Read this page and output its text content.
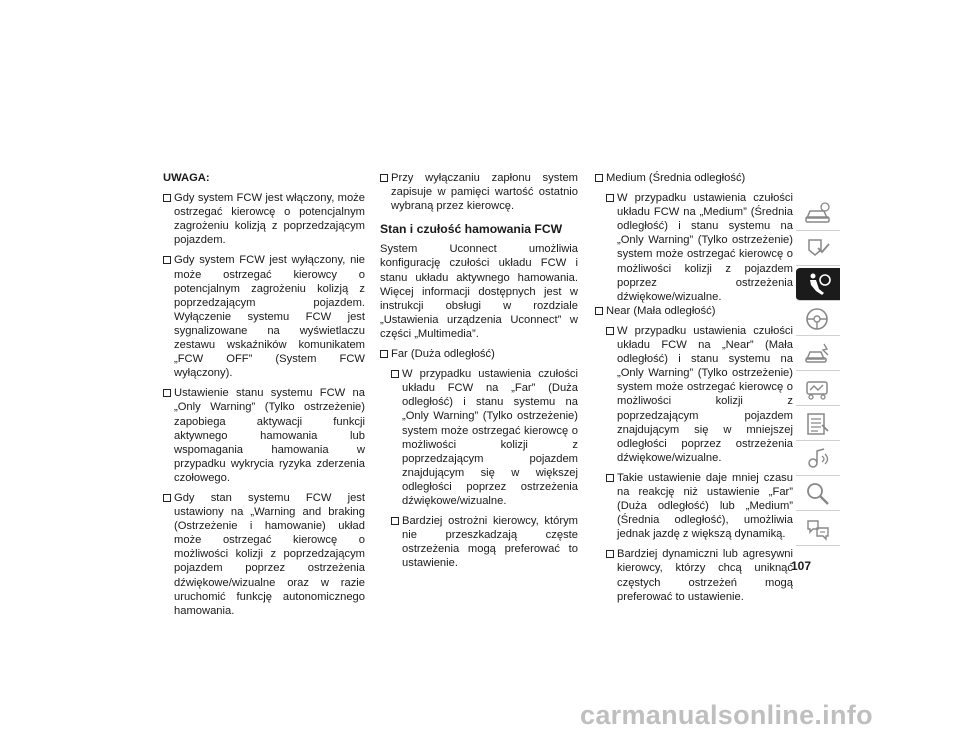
UWAGA:
Gdy system FCW jest włączony, może ostrzegać kierowcę o potencjalnym zagrożeniu kolizją z poprzedzającym pojazdem.
Gdy system FCW jest wyłączony, nie może ostrzegać kierowcy o potencjalnym zagrożeniu kolizją z poprzedzającym pojazdem. Wyłączenie systemu FCW jest sygnalizowane na wyświetlaczu zestawu wskaźników komunikatem „FCW OFF” (System FCW wyłączony).
Ustawienie stanu systemu FCW na „Only Warning” (Tylko ostrzeżenie) zapobiega aktywacji funkcji aktywnego hamowania lub wspomagania hamowania w przypadku wykrycia ryzyka zderzenia czołowego.
Gdy stan systemu FCW jest ustawiony na „Warning and braking (Ostrzeżenie i hamowanie) układ może ostrzegać kierowcę o możliwości kolizji z poprzedzającym pojazdem poprzez ostrzeżenia dźwiękowe/wizualne oraz w razie uruchomić funkcję autonomicznego hamowania.
Przy wyłączaniu zapłonu system zapisuje w pamięci wartość ostatnio wybraną przez kierowcę.
Stan i czułość hamowania FCW
System Uconnect umożliwia konfigurację czułości układu FCW i stanu układu aktywnego hamowania. Więcej informacji dostępnych jest w instrukcji obsługi w rozdziale „Ustawienia urządzenia Uconnect” w części „Multimedia”.
Far (Duża odległość)
W przypadku ustawienia czułości układu FCW na „Far” (Duża odległość) i stanu systemu na „Only Warning” (Tylko ostrzeżenie) system może ostrzegać kierowcę o możliwości kolizji z poprzedzającym pojazdem znajdującym się w większej odległości poprzez ostrzeżenia dźwiękowe/wizualne.
Bardziej ostrożni kierowcy, którym nie przeszkadzają częste ostrzeżenia mogą preferować to ustawienie.
Medium (Średnia odległość)
W przypadku ustawienia czułości układu FCW na „Medium” (Średnia odległość) i stanu systemu na „Only Warning” (Tylko ostrzeżenie) system może ostrzegać kierowcę o możliwości kolizji z pojazdem poprzez ostrzeżenia dźwiękowe/wizualne.
Near (Mała odległość)
W przypadku ustawienia czułości układu FCW na „Near” (Mała odległość) i stanu systemu na „Only Warning” (Tylko ostrzeżenie) system może ostrzegać kierowcę o możliwości kolizji z poprzedzającym pojazdem znajdującym się w mniejszej odległości poprzez ostrzeżenia dźwiękowe/wizualne.
Takie ustawienie daje mniej czasu na reakcję niż ustawienie „Far” (Duża odległość) lub „Medium” (Średnia odległość), umożliwia jednak jazdę z większą dynamiką.
Bardziej dynamiczni lub agresywni kierowcy, którzy chcą uniknąć częstych ostrzeżeń mogą preferować to ustawienie.
107
carmanualsonline.info
